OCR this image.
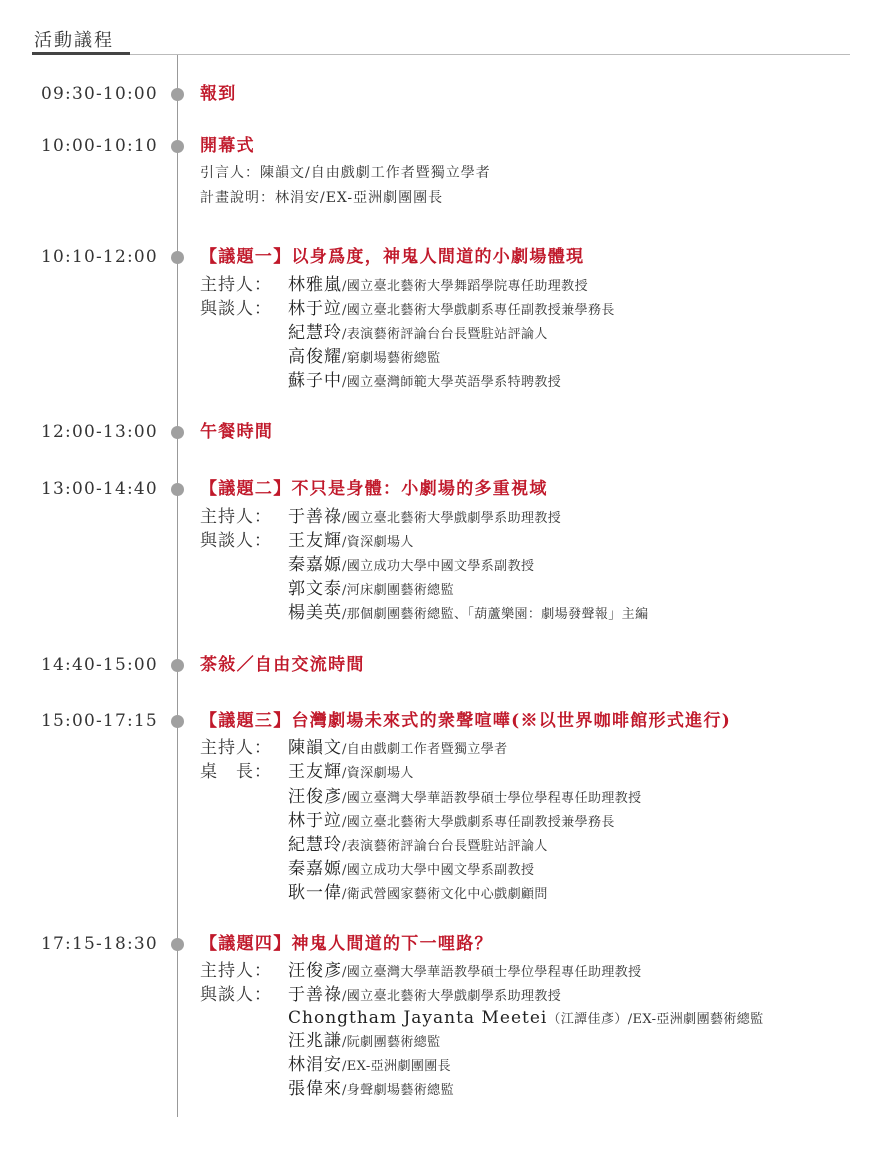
活動議程
09:30-10:00 報到
10:00-10:10 開幕式
引言人：陳韻文/自由戲劇工作者暨獨立學者
計畫說明：林涓安/EX-亞洲劇團團長
10:10-12:00 【議題一】以身爲度，神鬼人間道的小劇場體現
主持人： 林雅嵐/國立臺北藝術大學舞蹈學院專任助理教授
與談人： 林于竝/國立臺北藝術大學戲劇系專任副教授兼學務長
紀慧玲/表演藝術評論台台長暨駐站評論人
高俊耀/窮劇場藝術總監
蘇子中/國立臺灣師範大學英語學系特聘教授
12:00-13:00 午餐時間
13:00-14:40 【議題二】不只是身體：小劇場的多重視域
主持人： 于善祿/國立臺北藝術大學戲劇學系助理教授
與談人： 王友輝/資深劇場人
秦嘉嫄/國立成功大學中國文學系副教授
郭文泰/河床劇團藝術總監
楊美英/那個劇團藝術總監、「葫蘆樂園：劇場發聲報」主編
14:40-15:00 茶敍／自由交流時間
15:00-17:15 【議題三】台灣劇場未來式的衆聲喧嘩(※以世界咖啡館形式進行)
主持人： 陳韻文/自由戲劇工作者暨獨立學者
桌　長： 王友輝/資深劇場人
汪俊彥/國立臺灣大學華語教學碩士學位學程專任助理教授
林于竝/國立臺北藝術大學戲劇系專任副教授兼學務長
紀慧玲/表演藝術評論台台長暨駐站評論人
秦嘉嫄/國立成功大學中國文學系副教授
耿一偉/衛武營國家藝術文化中心戲劇顧問
17:15-18:30 【議題四】神鬼人間道的下一哩路？
主持人： 汪俊彥/國立臺灣大學華語教學碩士學位學程專任助理教授
與談人： 于善祿/國立臺北藝術大學戲劇學系助理教授
Chongtham Jayanta Meetei（江譚佳彥）/EX-亞洲劇團藝術總監
汪兆謙/阮劇團藝術總監
林涓安/EX-亞洲劇團團長
張偉來/身聲劇場藝術總監
